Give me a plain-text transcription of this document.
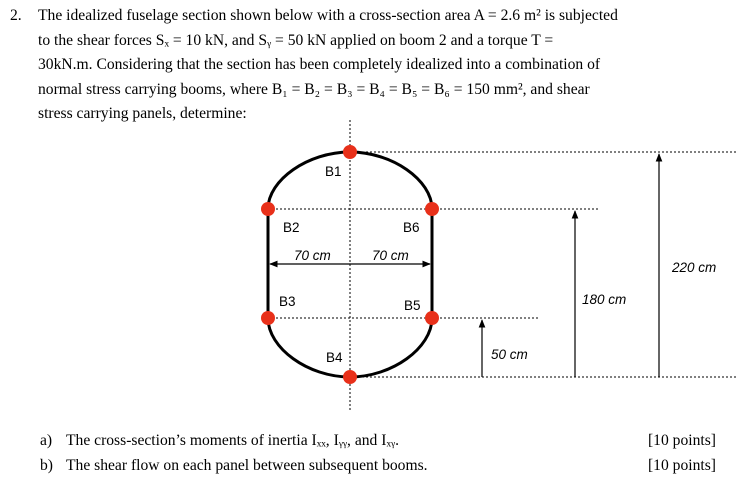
2. The idealized fuselage section shown below with a cross-section area A = 2.6 m² is subjected
to the shear forces Sₓ = 10 kN, and Sᵧ = 50 kN applied on boom 2 and a torque T =
30kN.m. Considering that the section has been completely idealized into a combination of
normal stress carrying booms, where B₁ = B₂ = B₃ = B₄ = B₅ = B₆ = 150 mm², and shear
stress carrying panels, determine:
B1
B2
B3
B4
B5
B6
70 cm	70 cm
50 cm
180 cm
220 cm
a) The cross-section’s moments of inertia Iₓₓ, Iᵧᵧ, and Iₓᵧ.	[10 points]
b) The shear flow on each panel between subsequent booms.	[10 points]
